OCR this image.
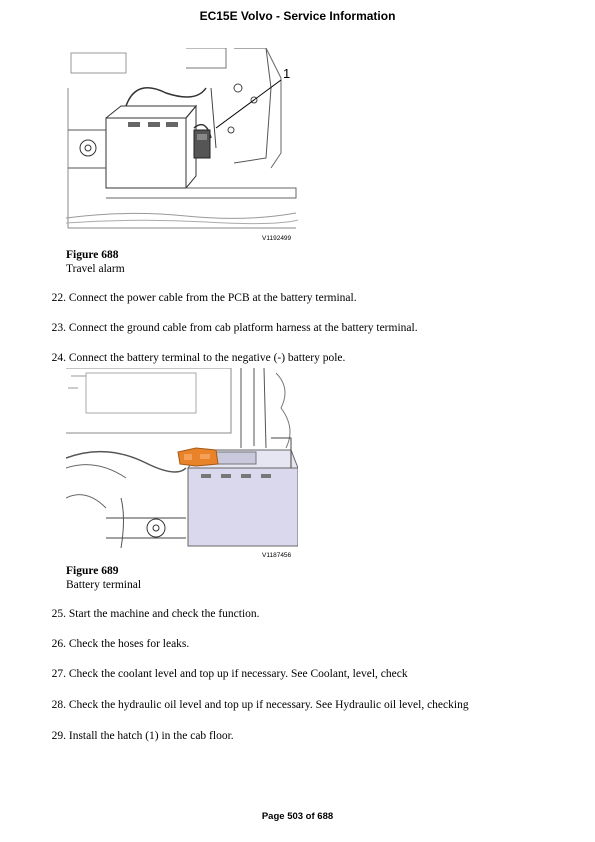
EC15E Volvo - Service Information
1
V1192499
Figure 688
Travel alarm
22. Connect the power cable from the PCB at the battery terminal.
23. Connect the ground cable from cab platform harness at the battery terminal.
24. Connect the battery terminal to the negative (-) battery pole.
V1187456
Figure 689
Battery terminal
25. Start the machine and check the function.
26. Check the hoses for leaks.
27. Check the coolant level and top up if necessary. See Coolant, level, check
28. Check the hydraulic oil level and top up if necessary. See Hydraulic oil level, checking
29. Install the hatch (1) in the cab floor.
Page 503 of 688
